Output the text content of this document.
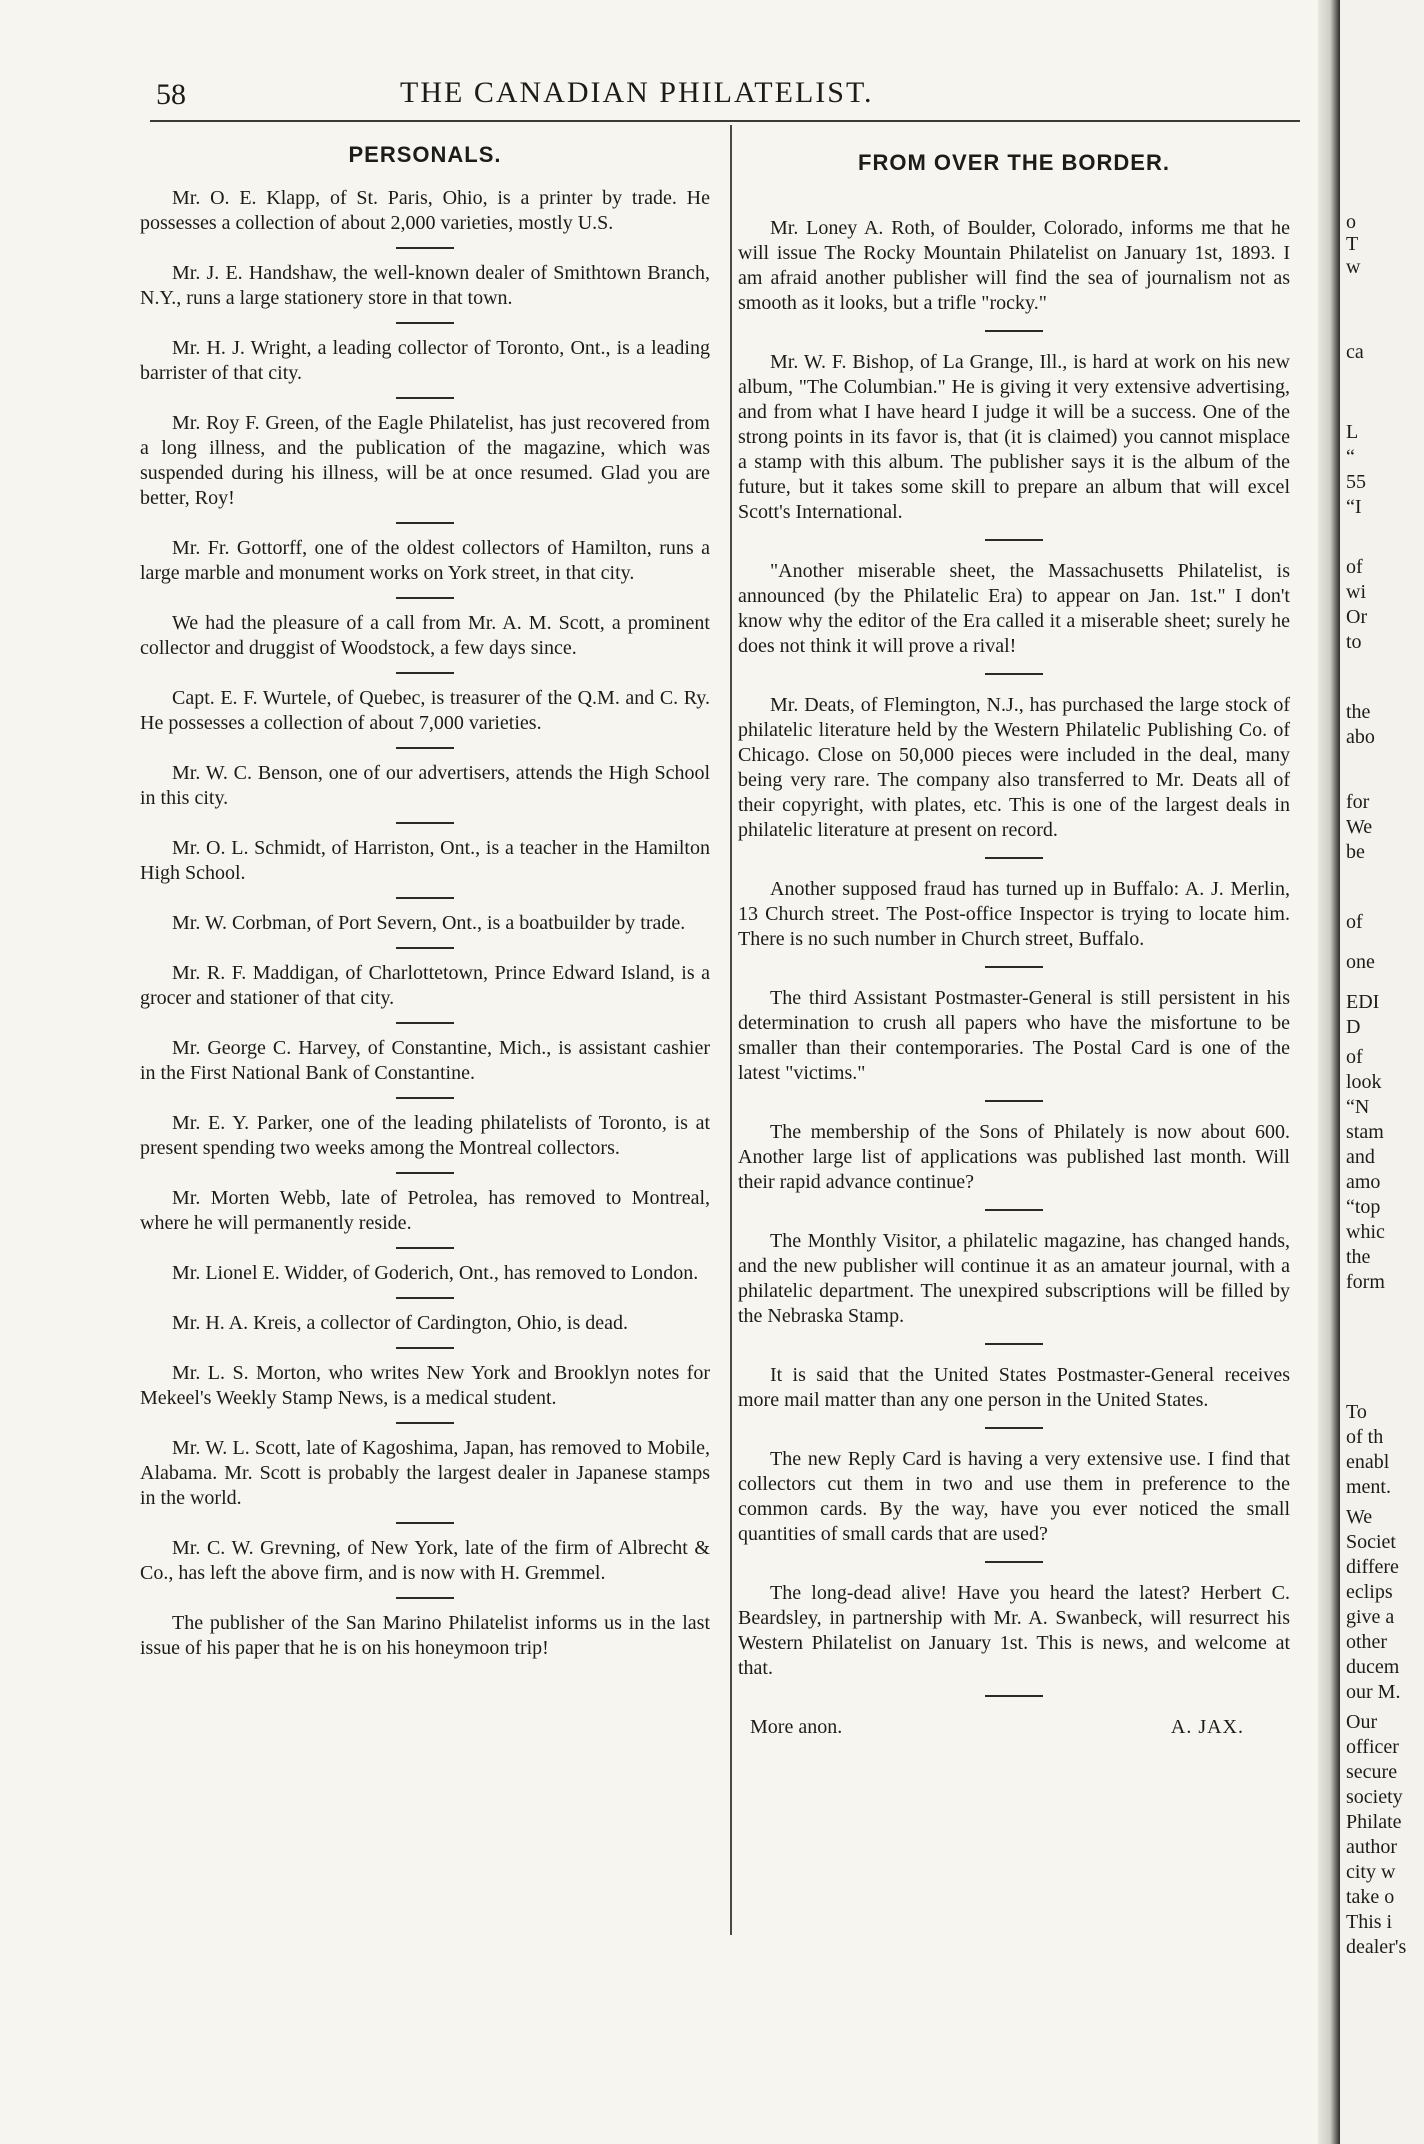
58	THE CANADIAN PHILATELIST.
PERSONALS.

Mr. O. E. Klapp, of St. Paris, Ohio, is a printer by trade. He possesses a collection of about 2,000 varieties, mostly U.S.

Mr. J. E. Handshaw, the well-known dealer of Smithtown Branch, N.Y., runs a large stationery store in that town.

Mr. H. J. Wright, a leading collector of Toronto, Ont., is a leading barrister of that city.

Mr. Roy F. Green, of the Eagle Philatelist, has just recovered from a long illness, and the publication of the magazine, which was suspended during his illness, will be at once resumed. Glad you are better, Roy!

Mr. Fr. Gottorff, one of the oldest collectors of Hamilton, runs a large marble and monument works on York street, in that city.

We had the pleasure of a call from Mr. A. M. Scott, a prominent collector and druggist of Woodstock, a few days since.

Capt. E. F. Wurtele, of Quebec, is treasurer of the Q.M. and C. Ry. He possesses a collection of about 7,000 varieties.

Mr. W. C. Benson, one of our advertisers, attends the High School in this city.

Mr. O. L. Schmidt, of Harriston, Ont., is a teacher in the Hamilton High School.

Mr. W. Corbman, of Port Severn, Ont., is a boatbuilder by trade.

Mr. R. F. Maddigan, of Charlottetown, Prince Edward Island, is a grocer and stationer of that city.

Mr. George C. Harvey, of Constantine, Mich., is assistant cashier in the First National Bank of Constantine.

Mr. E. Y. Parker, one of the leading philatelists of Toronto, is at present spending two weeks among the Montreal collectors.

Mr. Morten Webb, late of Petrolea, has removed to Montreal, where he will permanently reside.

Mr. Lionel E. Widder, of Goderich, Ont., has removed to London.

Mr. H. A. Kreis, a collector of Cardington, Ohio, is dead.

Mr. L. S. Morton, who writes New York and Brooklyn notes for Mekeel's Weekly Stamp News, is a medical student.

Mr. W. L. Scott, late of Kagoshima, Japan, has removed to Mobile, Alabama. Mr. Scott is probably the largest dealer in Japanese stamps in the world.

Mr. C. W. Grevning, of New York, late of the firm of Albrecht & Co., has left the above firm, and is now with H. Gremmel.

The publisher of the San Marino Philatelist informs us in the last issue of his paper that he is on his honeymoon trip!

FROM OVER THE BORDER.

Mr. Loney A. Roth, of Boulder, Colorado, informs me that he will issue The Rocky Mountain Philatelist on January 1st, 1893. I am afraid another publisher will find the sea of journalism not as smooth as it looks, but a trifle "rocky."

Mr. W. F. Bishop, of La Grange, Ill., is hard at work on his new album, "The Columbian." He is giving it very extensive advertising, and from what I have heard I judge it will be a success. One of the strong points in its favor is, that (it is claimed) you cannot misplace a stamp with this album. The publisher says it is the album of the future, but it takes some skill to prepare an album that will excel Scott's International.

"Another miserable sheet, the Massachusetts Philatelist, is announced (by the Philatelic Era) to appear on Jan. 1st." I don't know why the editor of the Era called it a miserable sheet; surely he does not think it will prove a rival!

Mr. Deats, of Flemington, N.J., has purchased the large stock of philatelic literature held by the Western Philatelic Publishing Co. of Chicago. Close on 50,000 pieces were included in the deal, many being very rare. The company also transferred to Mr. Deats all of their copyright, with plates, etc. This is one of the largest deals in philatelic literature at present on record.

Another supposed fraud has turned up in Buffalo: A. J. Merlin, 13 Church street. The Post-office Inspector is trying to locate him. There is no such number in Church street, Buffalo.

The third Assistant Postmaster-General is still persistent in his determination to crush all papers who have the misfortune to be smaller than their contemporaries. The Postal Card is one of the latest "victims."

The membership of the Sons of Philately is now about 600. Another large list of applications was published last month. Will their rapid advance continue?

The Monthly Visitor, a philatelic magazine, has changed hands, and the new publisher will continue it as an amateur journal, with a philatelic department. The unexpired subscriptions will be filled by the Nebraska Stamp.

It is said that the United States Postmaster-General receives more mail matter than any one person in the United States.

The new Reply Card is having a very extensive use. I find that collectors cut them in two and use them in preference to the common cards. By the way, have you ever noticed the small quantities of small cards that are used?

The long-dead alive! Have you heard the latest? Herbert C. Beardsley, in partnership with Mr. A. Swanbeck, will resurrect his Western Philatelist on January 1st. This is news, and welcome at that.

More anon.	A. JAX.
o
T
w
ca
L
“
55
“I
of
wi
Or
to
the
abo
for
We
be
of
one
EDI
D
of
look
“N
stam
and
amo
“top
whic
the
form
To
of th
enabl
ment.
We
Societ
differe
eclips
give a
other
ducem
our M.
Our
officer
secure
society
Philate
author
city w
take o
This i
dealer's
